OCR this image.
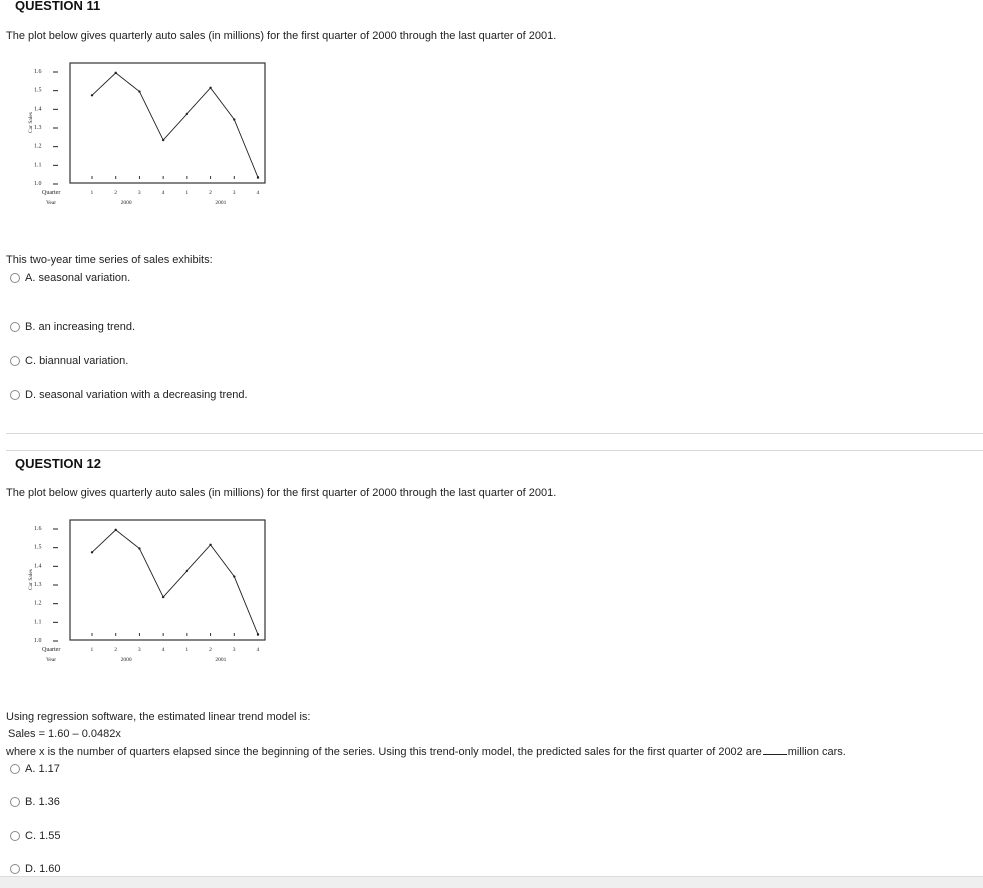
QUESTION 11
The plot below gives quarterly auto sales (in millions) for the first quarter of 2000 through the last quarter of 2001.
1.0
1.1
1.2
1.3
1.4
1.5
1.6
Car Sales
Quarter	1	2	3	4	1	2	3	4
Year	2000	2001
This two-year time series of sales exhibits:
A.
seasonal variation.
B.
an increasing trend.
C.
biannual variation.
D.
seasonal variation with a decreasing trend.
QUESTION 12
The plot below gives quarterly auto sales (in millions) for the first quarter of 2000 through the last quarter of 2001.
1.0
1.1
1.2
1.3
1.4
1.5
1.6
Car Sales
Quarter	1	2	3	4	1	2	3	4
Year	2000	2001
Using regression software, the estimated linear trend model is:
Sales = 1.60 – 0.0482x
where x is the number of quarters elapsed since the beginning of the series. Using this trend-only model, the predicted sales for the first quarter of 2002 are million cars.
A.
1.17
B.
1.36
C.
1.55
D.
1.60
